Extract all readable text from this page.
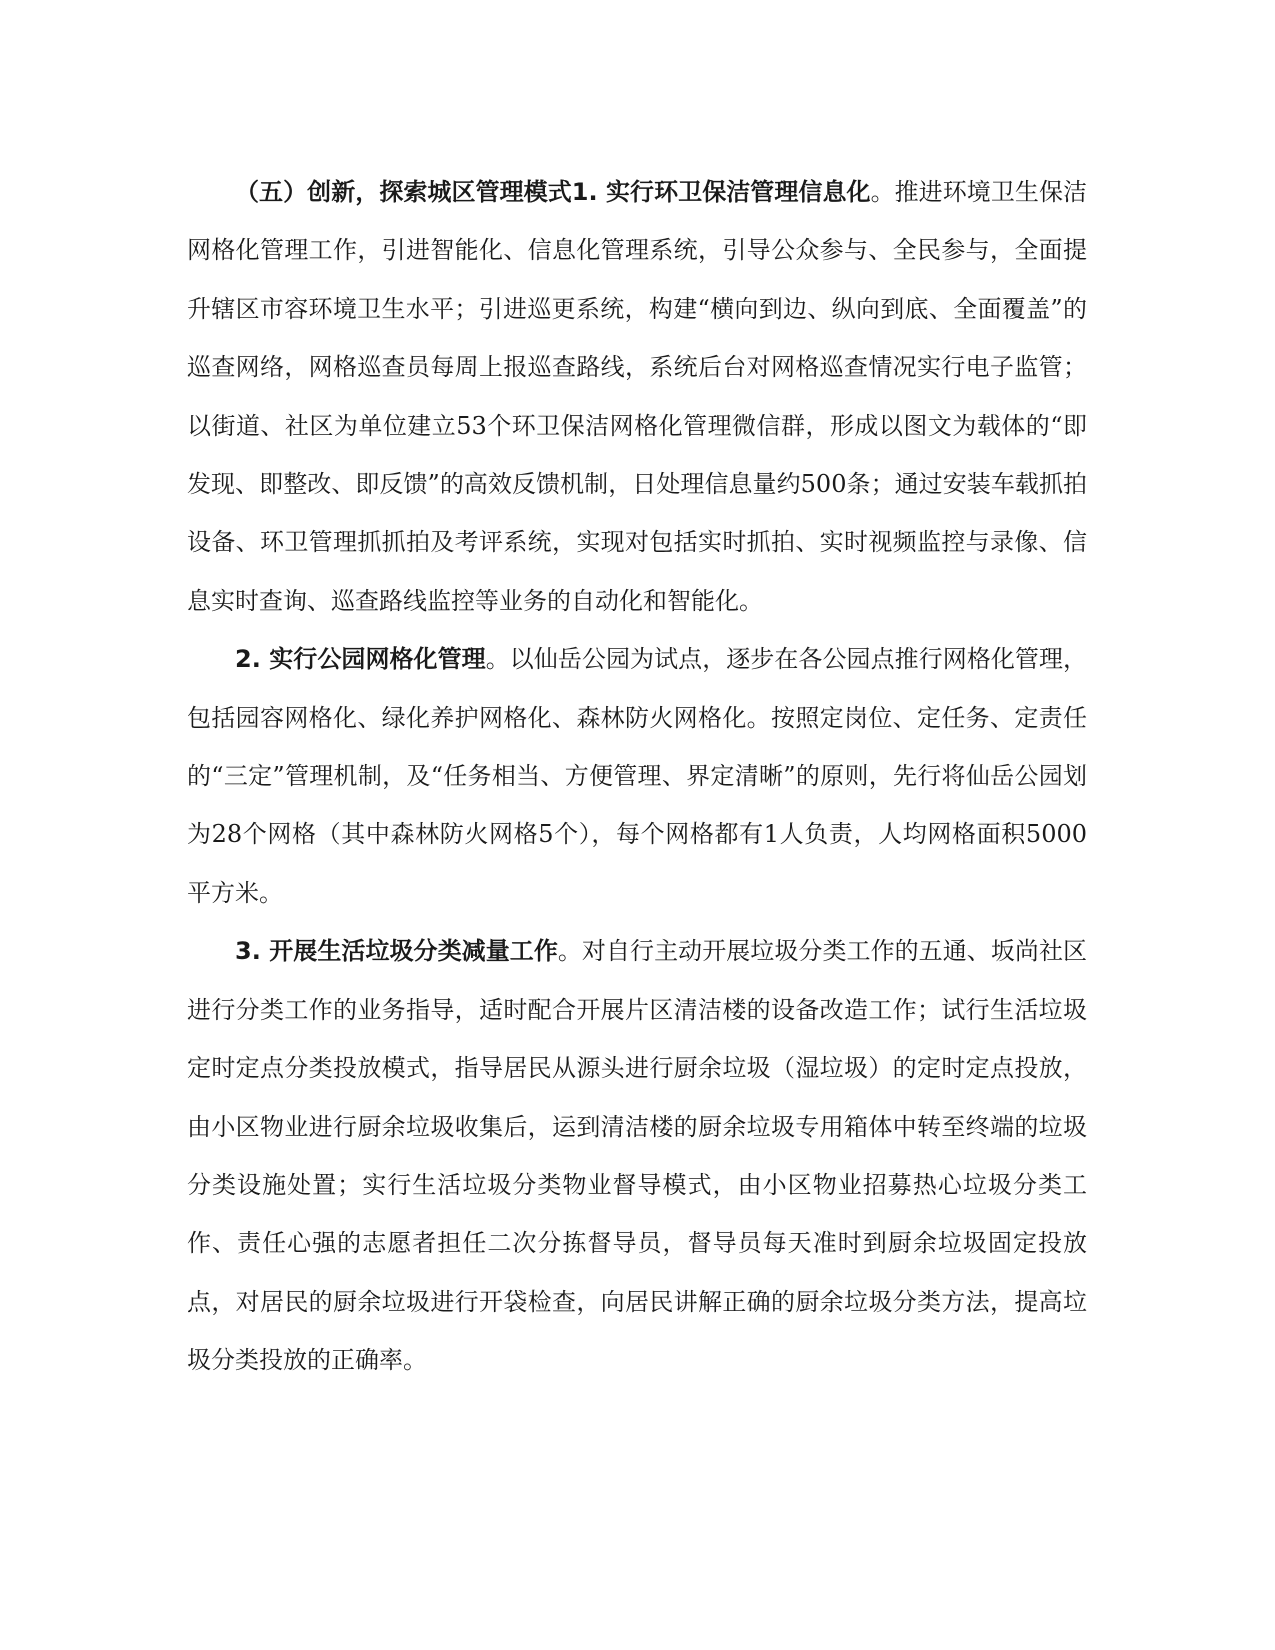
（五）创新，探索城区管理模式1. 实行环卫保洁管理信息化。推进环境卫生保洁网格化管理工作，引进智能化、信息化管理系统，引导公众参与、全民参与，全面提升辖区市容环境卫生水平；引进巡更系统，构建“横向到边、纵向到底、全面覆盖”的巡查网络，网格巡查员每周上报巡查路线，系统后台对网格巡查情况实行电子监管；以街道、社区为单位建立53个环卫保洁网格化管理微信群，形成以图文为载体的“即发现、即整改、即反馈”的高效反馈机制，日处理信息量约500条；通过安装车载抓拍设备、环卫管理抓抓拍及考评系统，实现对包括实时抓拍、实时视频监控与录像、信息实时查询、巡查路线监控等业务的自动化和智能化。

2. 实行公园网格化管理。以仙岳公园为试点，逐步在各公园点推行网格化管理，包括园容网格化、绿化养护网格化、森林防火网格化。按照定岗位、定任务、定责任的“三定”管理机制，及“任务相当、方便管理、界定清晰”的原则，先行将仙岳公园划为28个网格（其中森林防火网格5个），每个网格都有1人负责，人均网格面积5000平方米。

3. 开展生活垃圾分类减量工作。对自行主动开展垃圾分类工作的五通、坂尚社区进行分类工作的业务指导，适时配合开展片区清洁楼的设备改造工作；试行生活垃圾定时定点分类投放模式，指导居民从源头进行厨余垃圾（湿垃圾）的定时定点投放，由小区物业进行厨余垃圾收集后，运到清洁楼的厨余垃圾专用箱体中转至终端的垃圾分类设施处置；实行生活垃圾分类物业督导模式，由小区物业招募热心垃圾分类工作、责任心强的志愿者担任二次分拣督导员，督导员每天准时到厨余垃圾固定投放点，对居民的厨余垃圾进行开袋检查，向居民讲解正确的厨余垃圾分类方法，提高垃圾分类投放的正确率。
